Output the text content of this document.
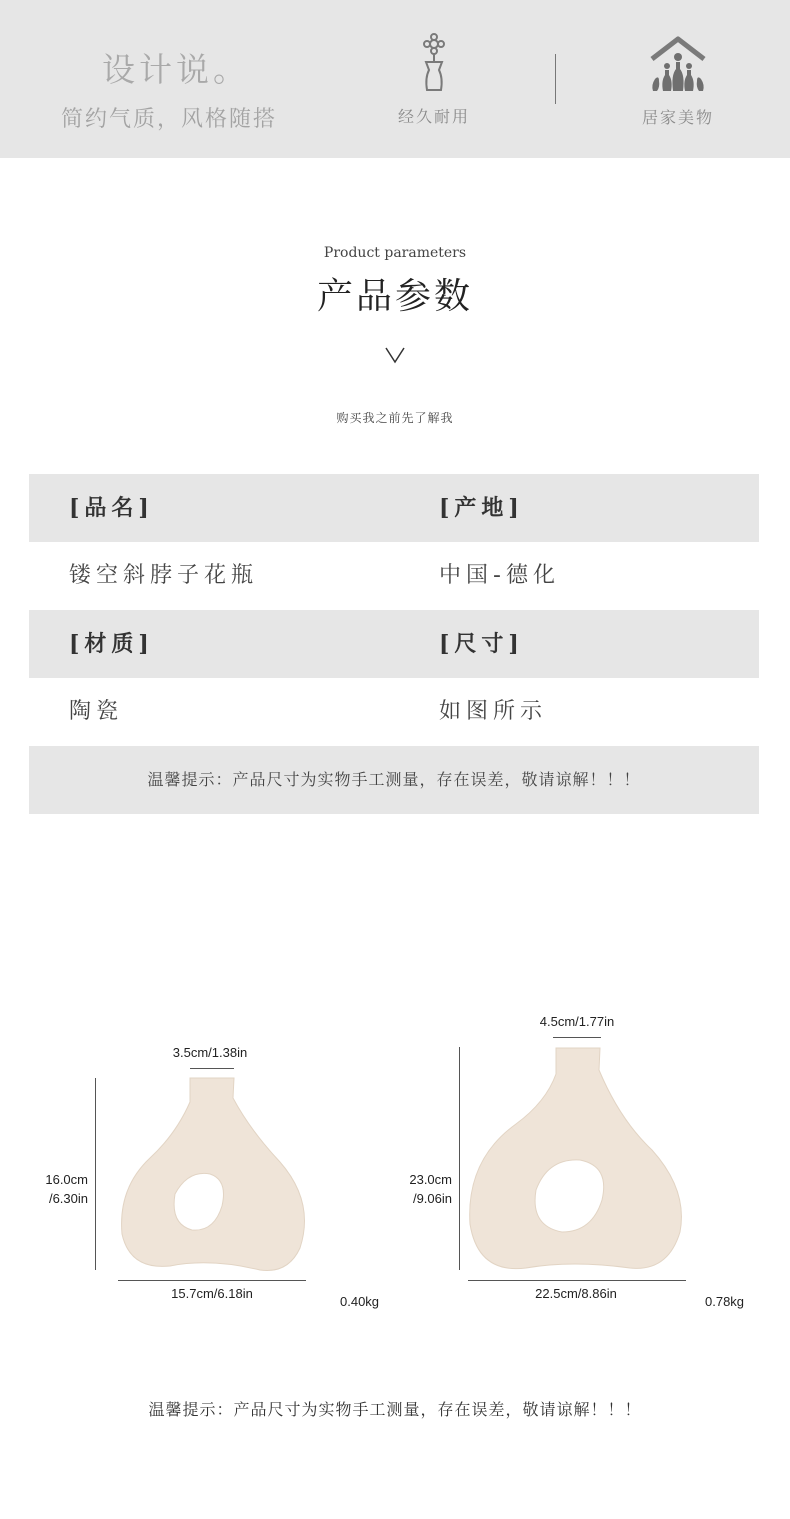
设计说。
简约气质，风格随搭	经久耐用	居家美物
Product parameters
产品参数
购买我之前先了解我
[品名]	[产地]
镂空斜脖子花瓶	中国-德化
[材质]	[尺寸]
陶瓷	如图所示
温馨提示：产品尺寸为实物手工测量，存在误差，敬请谅解！！！
3.5cm/1.38in
16.0cm
/6.30in
15.7cm/6.18in
0.40kg
4.5cm/1.77in
23.0cm
/9.06in
22.5cm/8.86in
0.78kg
温馨提示：产品尺寸为实物手工测量，存在误差，敬请谅解！！！
